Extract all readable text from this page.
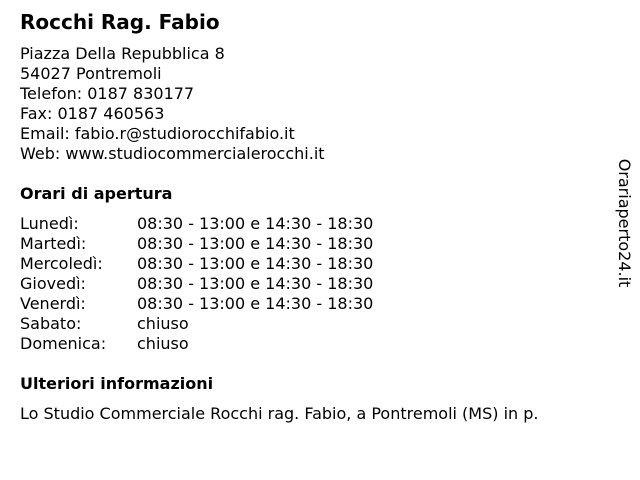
Rocchi Rag. Fabio
Piazza Della Repubblica 8
54027 Pontremoli
Telefon: 0187 830177
Fax: 0187 460563
Email: fabio.r@studiorocchifabio.it
Web: www.studiocommercialerocchi.it
Orari di apertura
Lunedì:	08:30 - 13:00 e 14:30 - 18:30
Martedì:	08:30 - 13:00 e 14:30 - 18:30
Mercoledì: 08:30 - 13:00 e 14:30 - 18:30
Giovedì:	08:30 - 13:00 e 14:30 - 18:30
Venerdì:	08:30 - 13:00 e 14:30 - 18:30
Sabato:	chiuso
Domenica: chiuso
Ulteriori informazioni
Lo Studio Commerciale Rocchi rag. Fabio, a Pontremoli (MS) in p.
Orariaperto24.it
